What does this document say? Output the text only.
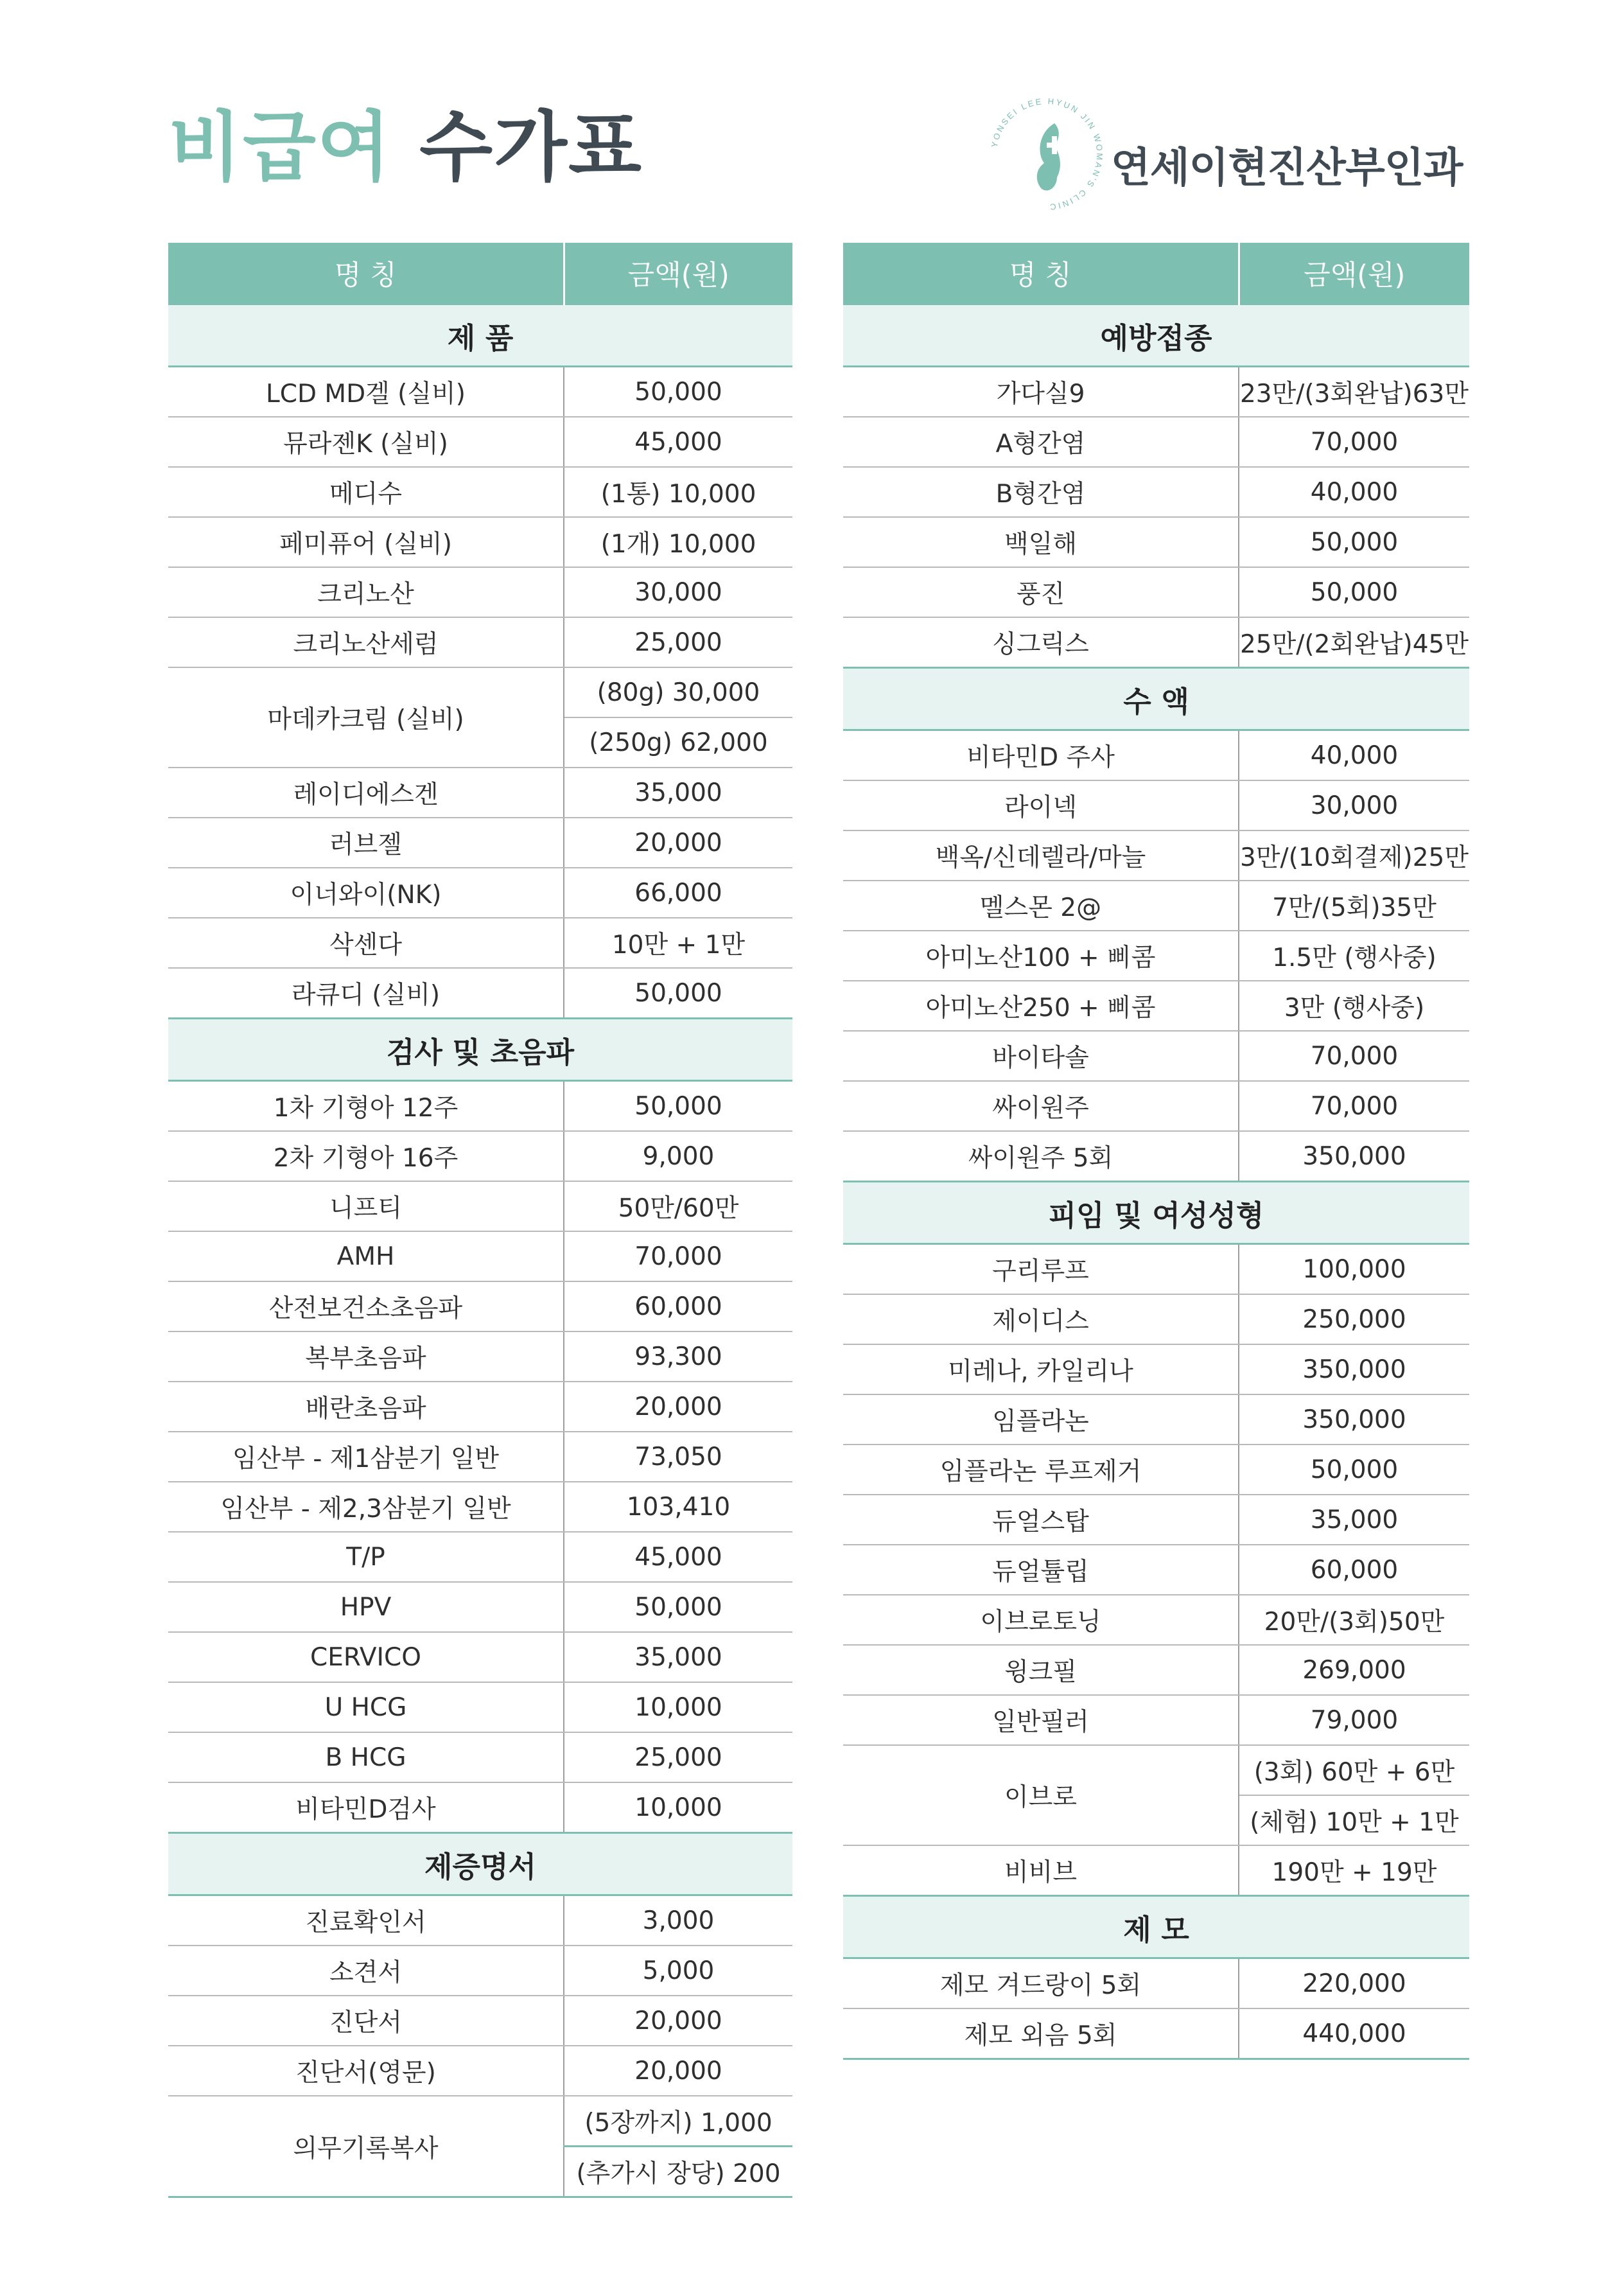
비급여 수가표	YONSEI LEE HYUN JIN WOMAN'S CLINIC
연세이현진산부인과
명 칭	금액(원)
제 품	
LCD MD겔 (실비)	50,000
뮤라젠K (실비)	45,000
메디수	(1통) 10,000
페미퓨어 (실비)	(1개) 10,000
크리노산	30,000
크리노산세럼	25,000
마데카크림 (실비)	(80g) 30,000
	(250g) 62,000
레이디에스겐	35,000
러브젤	20,000
이너와이(NK)	66,000
삭센다	10만 + 1만
라큐디 (실비)	50,000
검사 및 초음파	
1차 기형아 12주	50,000
2차 기형아 16주	9,000
니프티	50만/60만
AMH	70,000
산전보건소초음파	60,000
복부초음파	93,300
배란초음파	20,000
임산부 - 제1삼분기 일반	73,050
임산부 - 제2,3삼분기 일반	103,410
T/P	45,000
HPV	50,000
CERVICO	35,000
U HCG	10,000
B HCG	25,000
비타민D검사	10,000
제증명서	
진료확인서	3,000
소견서	5,000
진단서	20,000
진단서(영문)	20,000
의무기록복사	(5장까지) 1,000
	(추가시 장당) 200
명 칭	금액(원)
예방접종	
가다실9	23만/(3회완납)63만
A형간염	70,000
B형간염	40,000
백일해	50,000
풍진	50,000
싱그릭스	25만/(2회완납)45만
수 액	
비타민D 주사	40,000
라이넥	30,000
백옥/신데렐라/마늘	3만/(10회결제)25만
멜스몬 2@	7만/(5회)35만
아미노산100 + 삐콤	1.5만 (행사중)
아미노산250 + 삐콤	3만 (행사중)
바이타솔	70,000
싸이원주	70,000
싸이원주 5회	350,000
피임 및 여성성형	
구리루프	100,000
제이디스	250,000
미레나, 카일리나	350,000
임플라논	350,000
임플라논 루프제거	50,000
듀얼스탑	35,000
듀얼튤립	60,000
이브로토닝	20만/(3회)50만
윙크필	269,000
일반필러	79,000
이브로	(3회) 60만 + 6만
	(체험) 10만 + 1만
비비브	190만 + 19만
제 모	
제모 겨드랑이 5회	220,000
제모 외음 5회	440,000
